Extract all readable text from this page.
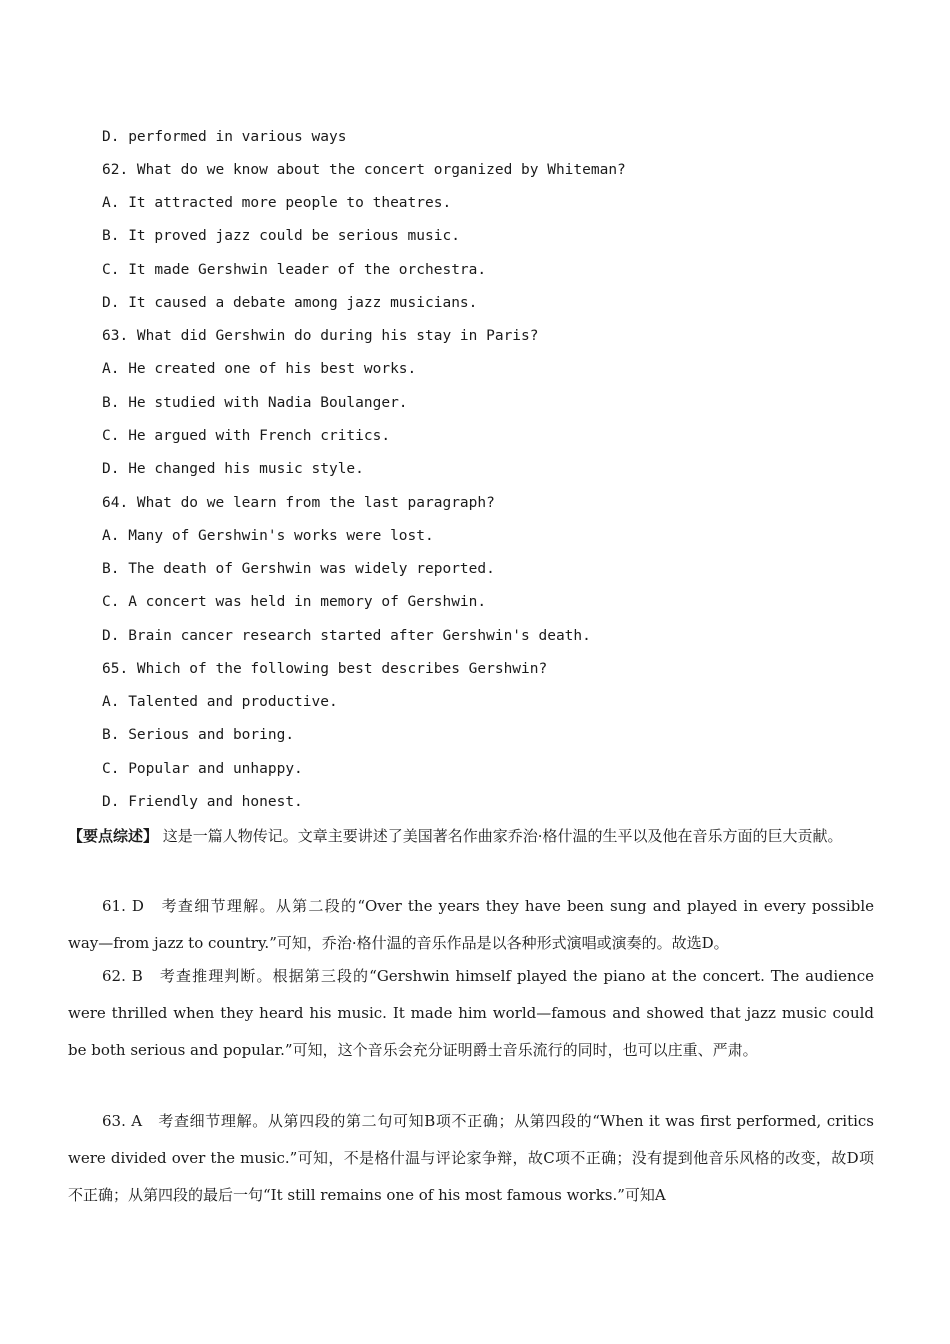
D. performed in various ways
62. What do we know about the concert organized by Whiteman?
A. It attracted more people to theatres.
B. It proved jazz could be serious music.
C. It made Gershwin leader of the orchestra.
D. It caused a debate among jazz musicians.
63. What did Gershwin do during his stay in Paris?
A. He created one of his best works.
B. He studied with Nadia Boulanger.
C. He argued with French critics.
D. He changed his music style.
64. What do we learn from the last paragraph?
A. Many of Gershwin's works were lost.
B. The death of Gershwin was widely reported.
C. A concert was held in memory of Gershwin.
D. Brain cancer research started after Gershwin's death.
65. Which of the following best describes Gershwin?
A. Talented and productive.
B. Serious and boring.
C. Popular and unhappy.
D. Friendly and honest.
【要点综述】 这是一篇人物传记。文章主要讲述了美国著名作曲家乔治·格什温的生平以及他在音乐方面的巨大贡献。
61. D　考查细节理解。从第二段的“Over the years they have been sung and played in every possible way—from jazz to country.”可知，乔治·格什温的音乐作品是以各种形式演唱或演奏的。故选D。
62. B　考查推理判断。根据第三段的“Gershwin himself played the piano at the concert. The audience were thrilled when they heard his music. It made him world—famous and showed that jazz music could be both serious and popular.”可知，这个音乐会充分证明爵士音乐流行的同时，也可以庄重、严肃。
63. A　考查细节理解。从第四段的第二句可知B项不正确；从第四段的“When it was first performed, critics were divided over the music.”可知，不是格什温与评论家争辩，故C项不正确；没有提到他音乐风格的改变，故D项不正确；从第四段的最后一句“It still remains one of his most famous works.”可知A
